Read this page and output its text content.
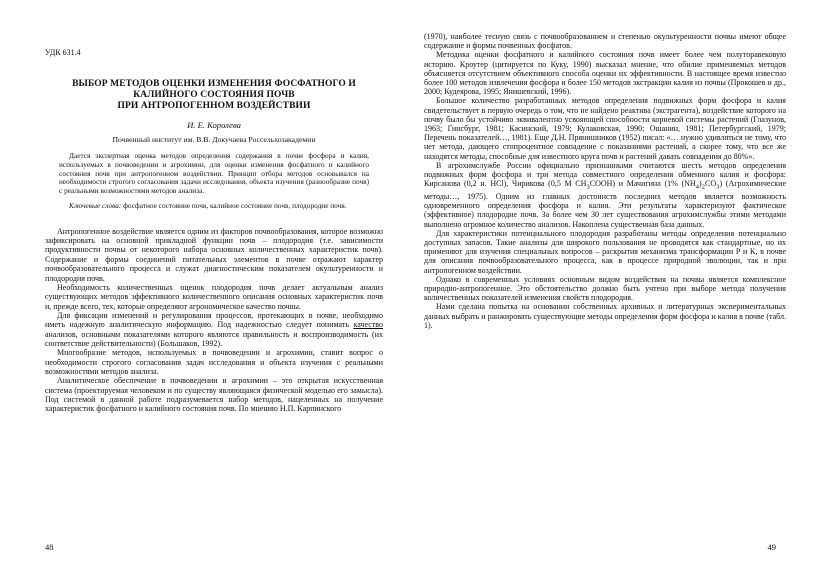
УДК 631.4
ВЫБОР МЕТОДОВ ОЦЕНКИ ИЗМЕНЕНИЯ ФОСФАТНОГО И
КАЛИЙНОГО СОСТОЯНИЯ ПОЧВ
ПРИ АНТРОПОГЕННОМ ВОЗДЕЙСТВИИ
И. Е. Королева
Почвенный институт им. В.В. Докучаева Россельхозакадемии

Дается экспертная оценка методов определения содержания в почве фосфора и калия, используемых в почвоведении и агрохимии, для оценки изменения фосфатного и калийного состояния почв при антропогенном воздействии. Принцип отбора методов основывался на необходимости строгого согласования задачи исследования, объекта изучения (разнообразие почв) с реальными возможностями методов анализа.

Ключевые слова: фосфатное состояние почв, калийное состояние почв, плодородие почв.

Антропогенное воздействие является одним из факторов почвообразования, которое возможно зафиксировать на основной прикладной функции почв – плодородия (т.е. зависимости продуктивности почвы от некоторого набора основных количественных характеристик почв). Содержание и формы соединений питательных элементов в почве отражают характер почвообразовательного процесса и служат диагностическим показателем окультуренности и плодородия почв.

Необходимость количественных оценок плодородия почв делает актуальным анализ существующих методов эффективного количественного описания основных характеристик почв и, прежде всего, тех, которые определяют агрономическое качество почвы.

Для фиксации изменений и регулирования процессов, протекающих в почве, необходимо иметь надежную аналитическую информацию. Под надежностью следует понимать качество анализов, основными показателями которого являются правильность и воспроизводимость (их соответствие действительности) (Большаков, 1992).

Многообразие методов, используемых в почвоведении и агрохимии, ставит вопрос о необходимости строгого согласования задач исследования и объекта изучения с реальными возможностями методов анализа.

Аналитическое обеспечение в почвоведении и агрохимии – это открытая искусственная система (проектируемая человеком и по существу являющаяся физической моделью его замысла). Под системой в данной работе подразумевается набор методов, нацеленных на получение характеристик фосфатного и калийного состояния почв. По мнению Н.П. Карпинского

48

(1970), наиболее тесную связь с почвообразованием и степенью окультуренности почвы имеют общее содержание и формы почвенных фосфатов.

Методика оценки фосфатного и калийного состояния почв имеет более чем полуторавековую историю. Кроутер (цитируется по Куку, 1990) высказал мнение, что обилие применяемых методов объясняется отсутствием объективного способа оценки их эффективности. В настоящее время известно более 100 методов извлечения фосфора и более 150 методов экстракции калия из почвы (Прокошев и др., 2000; Кудеярова, 1995; Янишевский, 1996).

Большое количество разработанных методов определения подвижных форм фосфора и калия свидетельствует в первую очередь о том, что не найдено реактива (экстрагента), воздействие которого на почву было бы устойчиво эквивалентно усвояющей способности корневой системы растений (Глазунов, 1963; Гинсбург, 1981; Касинский, 1979; Кулаковская, 1990; Ошанин, 1981; Петербургский, 1979; Перечень показателей…, 1981). Еще Д.Н. Прянишников (1952) писал: «… нужно удивляться не тому, что нет метода, дающего стопроцентное совпадение с показаниями растений, а скорее тому, что все же находятся методы, способные для известного круга почв и растений давать совпадения до 80%».

В агрохимслужбе России официально признанными считаются шесть методов определения подвижных форм фосфора и три метода совместного определения обменного калия и фосфора: Кирсанова (0,2 н. HCl), Чирикова (0,5 М $CH_3COOH$) и Мачигина (1% $(NH_4)_2CO_3$) (Агрохимические методы…, 1975). Одним из главных достоинств последних методов является возможность одновременного определения фосфора и калия. Эти результаты характеризуют фактическое (эффективное) плодородие почв. За более чем 30 лет существования агрохимслужбы этими методами выполнено огромное количество анализов. Накоплена существенная база данных.

Для характеристики потенциального плодородия разработаны методы определения потенциально доступных запасов. Такие анализы для широкого пользования не проводятся как стандартные, но их применяют для изучения специальных вопросов – раскрытия механизма трансформации Р и К, в почве для описания почвообразовательного процесса, как в процессе природной эволюции, так и при антропогенном воздействии.

Однако в современных условиях основным видом воздействия на почвы является комплексное природно-антропогенное. Это обстоятельство должно быть учтено при выборе метода получения количественных показателей изменения свойств плодородия.

Нами сделана попытка на основании собственных архивных и литературных экспериментальных данных выбрать и ранжировать существующие методы определения форм фосфора и калия в почве (табл. 1).

49
